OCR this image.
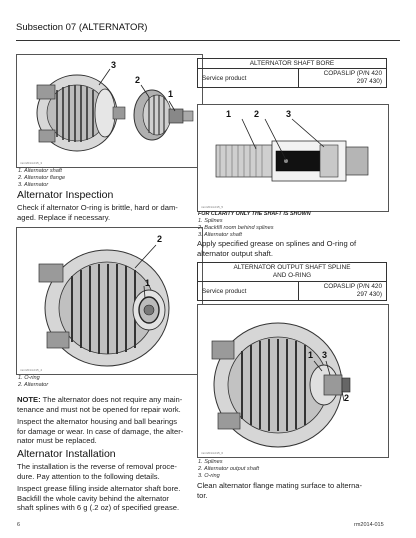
Subsection 07 (ALTERNATOR)
3
2
1
mmr2014-015_3
1. Alternator shaft
2. Alternator flange
3. Alternator
Alternator Inspection
Check if alternator O-ring is brittle, hard or dam-
aged. Replace if necessary.
2
1
mmr2014-015_4
1. O-ring
2. Alternator
NOTE: The alternator does not require any main-
tenance and must not be opened for repair work.
Inspect the alternator housing and ball bearings
for damage or wear. In case of damage, the alter-
nator must be replaced.
Alternator Installation
The installation is the reverse of removal proce-
dure. Pay attention to the following details.
Inspect grease filling inside alternator shaft bore.
Backfill the whole cavity behind the alternator
shaft splines with 6 g (.2 oz) of specified grease.
ALTERNATOR SHAFT BORE
Service product	
COPASLIP (P/N 420
297 430)
1	2	3
mmr2014-015_5
FOR CLARITY ONLY THE SHAFT IS SHOWN
1. Splines
2. Backfill room behind splines
3. Alternator shaft
Apply specified grease on splines and O-ring of
alternator output shaft.
ALTERNATOR OUTPUT SHAFT SPLINE
AND O-RING

Service product	
COPASLIP (P/N 420
297 430)
1 3
2
mmr2014-015_6
1. Splines
2. Alternator output shaft
3. O-ring
Clean alternator flange mating surface to alterna-
tor.
6	rm2014-015
